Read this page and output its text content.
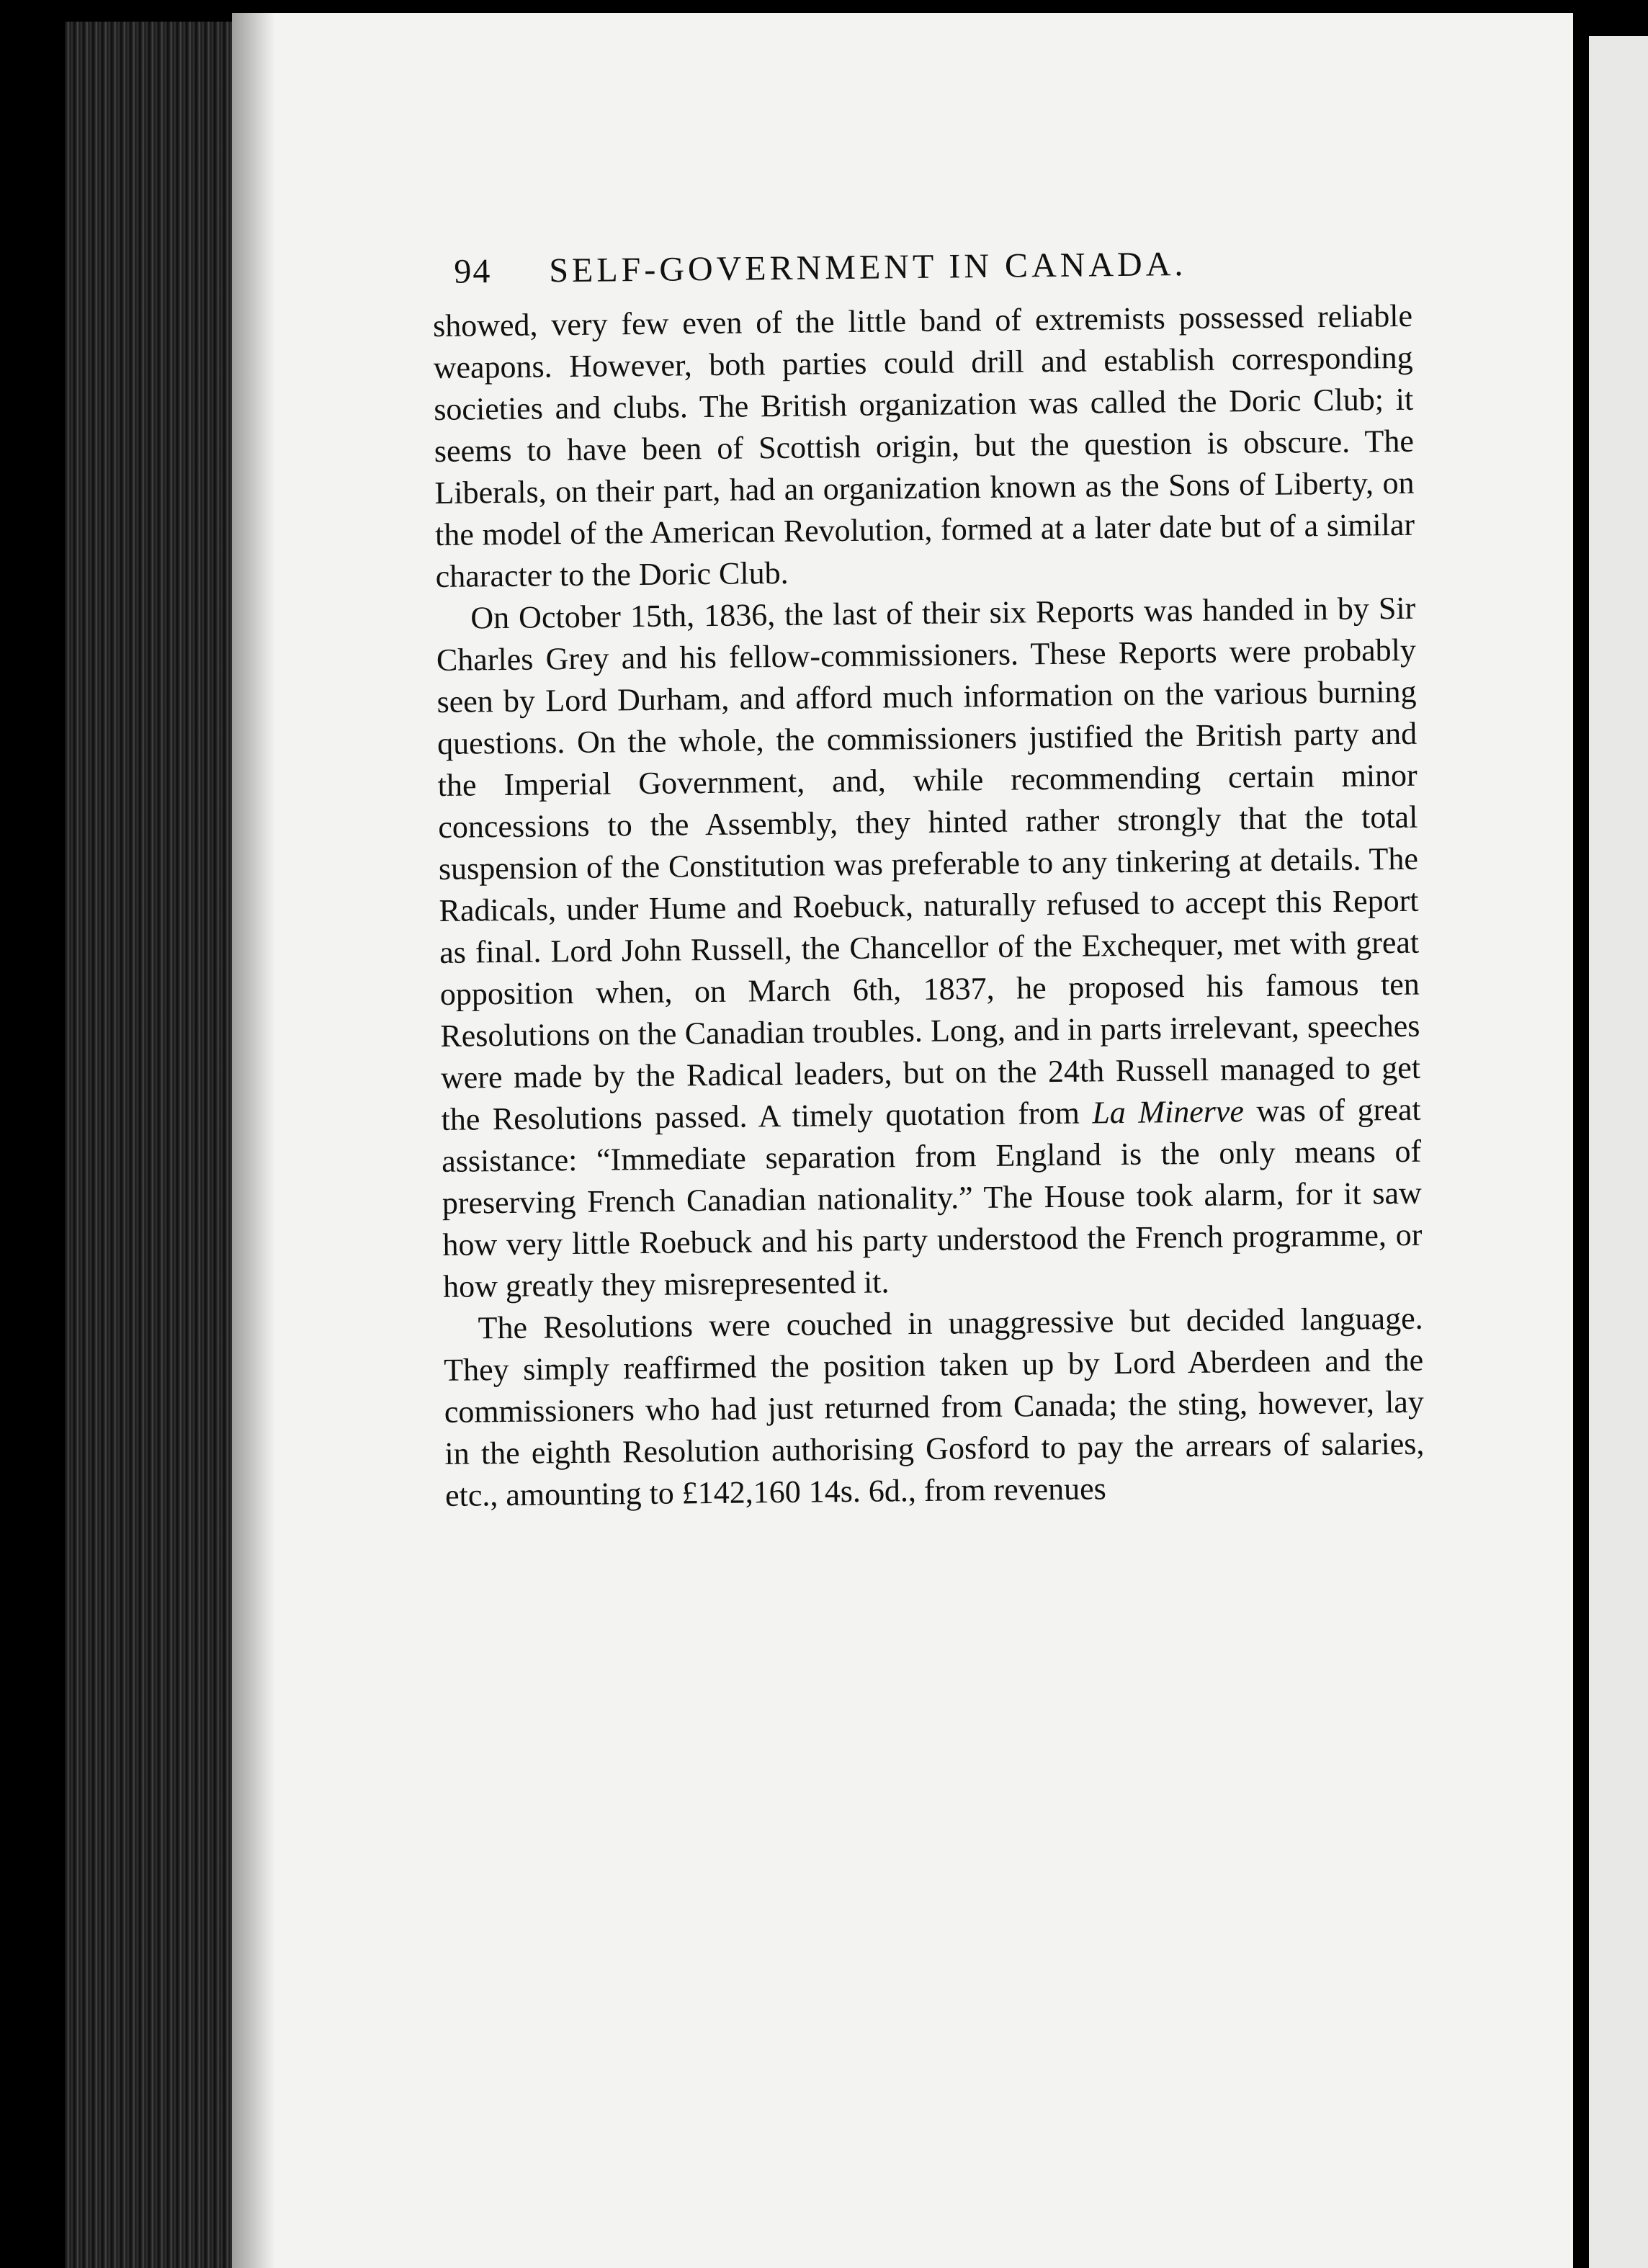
94 SELF-GOVERNMENT IN CANADA.

showed, very few even of the little band of extremists possessed reliable weapons. However, both parties could drill and establish corresponding societies and clubs. The British organization was called the Doric Club; it seems to have been of Scottish origin, but the question is obscure. The Liberals, on their part, had an organization known as the Sons of Liberty, on the model of the American Revolution, formed at a later date but of a similar character to the Doric Club.

On October 15th, 1836, the last of their six Reports was handed in by Sir Charles Grey and his fellow-commissioners. These Reports were probably seen by Lord Durham, and afford much information on the various burning questions. On the whole, the commissioners justified the British party and the Imperial Government, and, while recommending certain minor concessions to the Assembly, they hinted rather strongly that the total suspension of the Constitution was preferable to any tinkering at details. The Radicals, under Hume and Roebuck, naturally refused to accept this Report as final. Lord John Russell, the Chancellor of the Exchequer, met with great opposition when, on March 6th, 1837, he proposed his famous ten Resolutions on the Canadian troubles. Long, and in parts irrelevant, speeches were made by the Radical leaders, but on the 24th Russell managed to get the Resolutions passed. A timely quotation from La Minerve was of great assistance: “Immediate separation from England is the only means of preserving French Canadian nationality.” The House took alarm, for it saw how very little Roebuck and his party understood the French programme, or how greatly they misrepresented it.

The Resolutions were couched in unaggressive but decided language. They simply reaffirmed the position taken up by Lord Aberdeen and the commissioners who had just returned from Canada; the sting, however, lay in the eighth Resolution authorising Gosford to pay the arrears of salaries, etc., amounting to £142,160 14s. 6d., from revenues
